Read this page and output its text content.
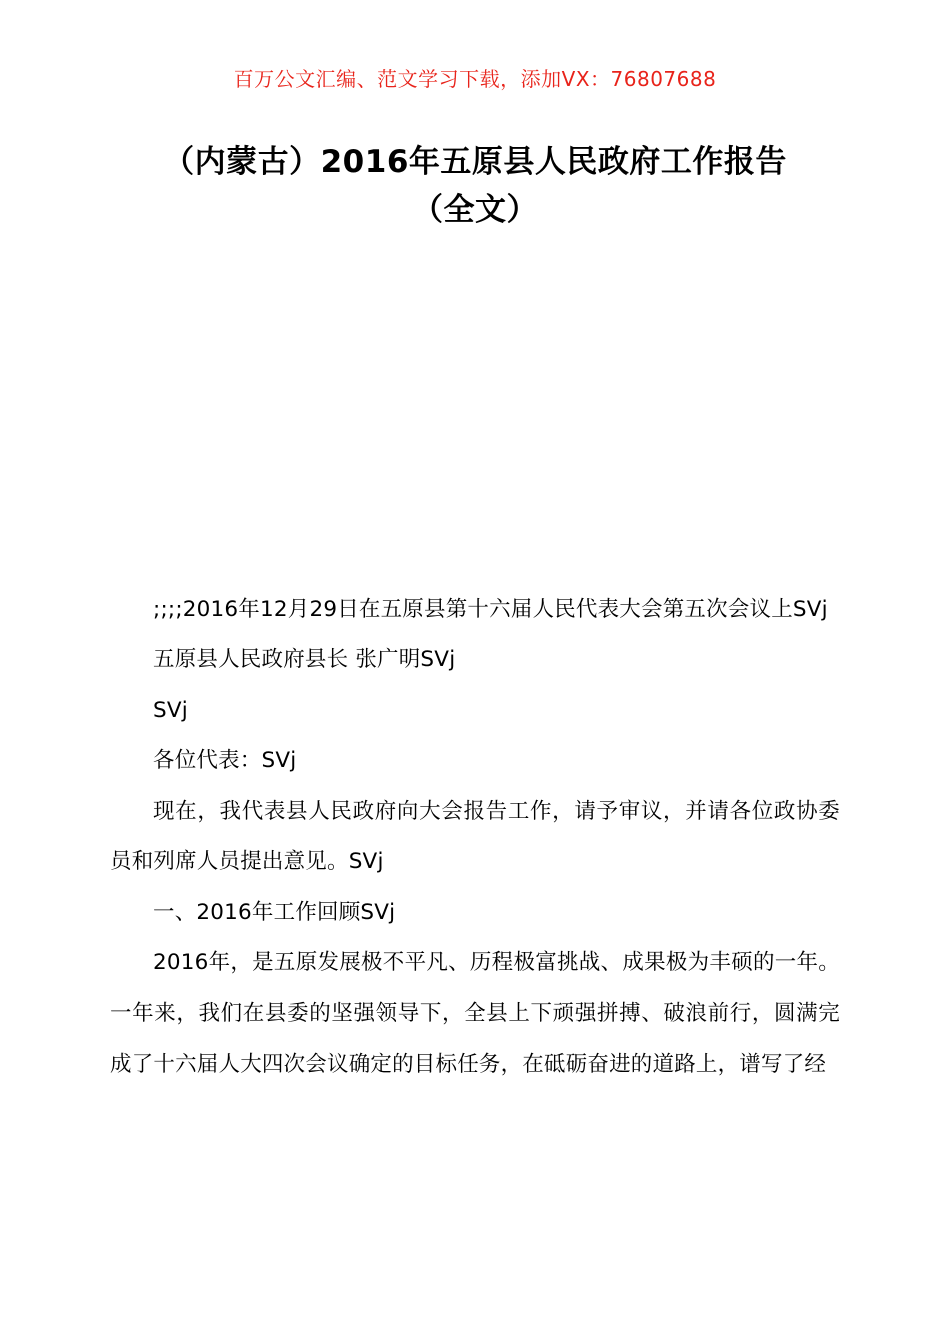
百万公文汇编、范文学习下载，添加VX：76807688
（内蒙古）2016年五原县人民政府工作报告（全文）

;;;;2016年12月29日在五原县第十六届人民代表大会第五次会议上SVj

五原县人民政府县长 张广明SVj

SVj

各位代表：SVj

现在，我代表县人民政府向大会报告工作，请予审议，并请各位政协委员和列席人员提出意见。SVj

一、2016年工作回顾SVj

2016年，是五原发展极不平凡、历程极富挑战、成果极为丰硕的一年。一年来，我们在县委的坚强领导下，全县上下顽强拼搏、破浪前行，圆满完成了十六届人大四次会议确定的目标任务，在砥砺奋进的道路上，谱写了经
